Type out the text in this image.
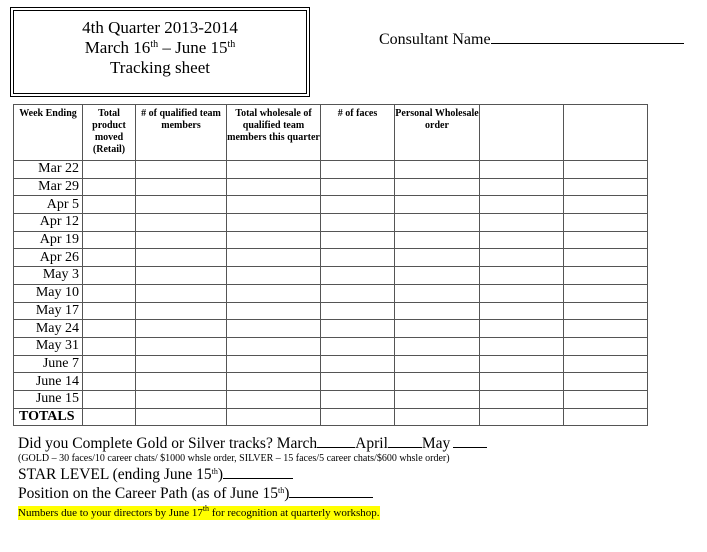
4th Quarter 2013-2014
March 16th – June 15th
Tracking sheet
Consultant Name
Week Ending	Total product moved (Retail)	# of qualified team members	Total wholesale of qualified team members this quarter	# of faces	Personal Wholesale order		
Mar 22							
Mar 29							
Apr 5							
Apr 12							
Apr 19							
Apr 26							
May 3							
May 10							
May 17							
May 24							
May 31							
June 7							
June 14							
June 15							
TOTALS							
Did you Complete Gold or Silver tracks? March April May
(GOLD – 30 faces/10 career chats/ $1000 whsle order, SILVER – 15 faces/5 career chats/$600 whsle order)
STAR LEVEL (ending June 15th)
Position on the Career Path (as of June 15th)
Numbers due to your directors by June 17th for recognition at quarterly workshop.
